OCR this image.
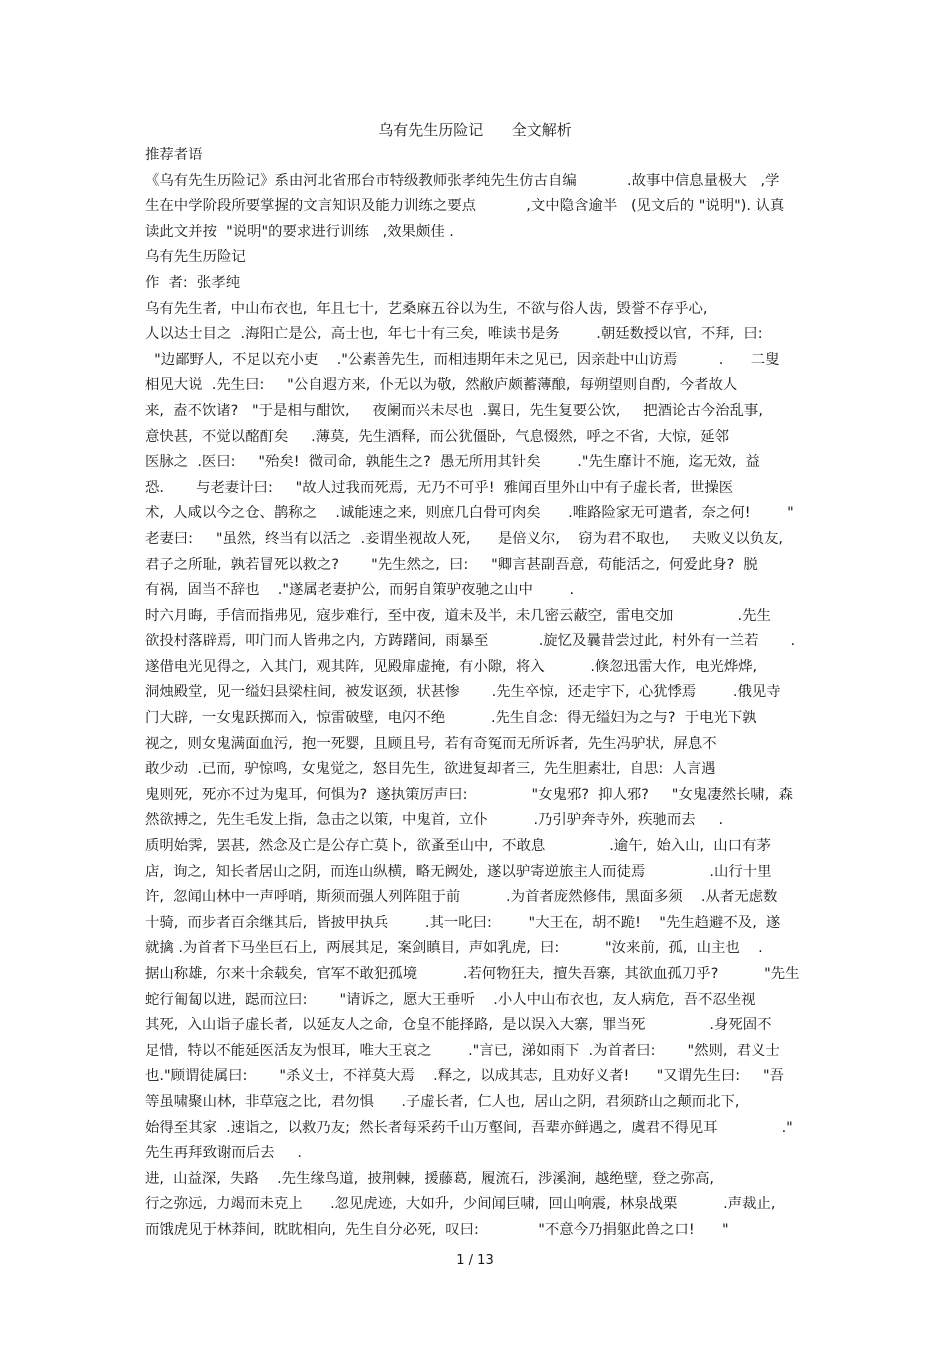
乌有先生历险记      全文解析
推荐者语
《乌有先生历险记》系由河北省邢台市特级教师张孝纯先生仿古自编           .故事中信息量极大   ,学
生在中学阶段所要掌握的文言知识及能力训练之要点           ,文中隐含逾半   (见文后的 "说明"). 认真
读此文并按  "说明"的要求进行训练   ,效果颇佳 .
乌有先生历险记
作  者:  张孝纯
乌有先生者,  中山布衣也,  年且七十,  艺桑麻五谷以为生,  不欲与俗人齿,  毁誉不存乎心,
人以达士目之  .海阳亡是公,  高士也,  年七十有三矣,  唯读书是务        .朝廷数授以官,  不拜,  曰:
"边鄙野人,  不足以充小吏    ."公素善先生,  而相违期年未之见已,  因亲赴中山访焉         .      二叟
相见大说  .先生曰:     "公自遐方来,  仆无以为敬,  然敝庐颇蓄薄酿,  每朔望则自酌,  今者故人
来,  盍不饮诸?   "于是相与酣饮,     夜阑而兴未尽也  .翼日,  先生复要公饮,     把酒论古今治乱事,
意快甚,  不觉以酩酊矣     .薄莫,  先生酒释,  而公犹僵卧,  气息惙然,  呼之不省,  大惊,  延邻
医脉之  .医曰:     "殆矣!  微司命,  孰能生之?  愚无所用其针矣        ."先生靡计不施,  迄无效,  益
恐.       与老妻计曰:     "故人过我而死焉,  无乃不可乎!  雅闻百里外山中有子虚长者,  世操医
术,  人咸以今之仓、鹊称之    .诚能速之来,  则庶几白骨可肉矣      .唯路险家无可遣者,  奈之何!        "
老妻曰:     "虽然,  终当有以活之  .妾谓坐视故人死,      是倍义尔,    窃为君不取也,     夫败义以负友,
君子之所耻,  孰若冒死以救之?       "先生然之,  曰:     "卿言甚副吾意,  苟能活之,  何爱此身?  脱
有祸,  固当不辞也    ."遂属老妻护公,  而躬自策驴夜驰之山中        .
时六月晦,  手信而指弗见,  寇步难行,  至中夜,  道未及半,  未几密云蔽空,  雷电交加              .先生
欲投村落辟焉,  叩门而人皆弗之内,  方踌躇间,  雨暴至           .旋忆及曩昔尝过此,  村外有一兰若       .
遂借电光见得之,  入其门,  观其阵,  见殿扉虚掩,  有小隙,  将入          .倏忽迅雷大作,  电光烨烨,
洞烛殿堂,  见一缢妇县梁柱间,  被发讴颈,  状甚惨       .先生卒惊,  还走宇下,  心犹悸焉        .俄见寺
门大辟,  一女鬼跃掷而入,  惊雷破壁,  电闪不绝          .先生自念:  得无缢妇为之与?  于电光下孰
视之,  则女鬼满面血污,  抱一死婴,  且顾且号,  若有奇冤而无所诉者,  先生冯驴状,  屏息不
敢少动  .已而,  驴惊鸣,  女鬼觉之,  怒目先生,  欲进复却者三,  先生胆素壮,  自思:  人言遇
鬼则死,  死亦不过为鬼耳,  何惧为?  遂执策厉声曰:              "女鬼邪?  抑人邪?     "女鬼凄然长啸,  森
然欲搏之,  先生毛发上指,  急击之以策,  中鬼首,  立仆          .乃引驴奔寺外,  疾驰而去     .
质明始霁,  罢甚,  然念及亡是公存亡莫卜,  欲蚤至山中,  不敢息              .逾午,  始入山,  山口有茅
店,  询之,  知长者居山之阴,  而连山纵横,  略无阙处,  遂以驴寄逆旅主人而徒焉              .山行十里
许,  忽闻山林中一声呼哨,  斯须而强人列阵阻于前          .为首者庞然修伟,  黑面多须    .从者无虑数
十骑,  而步者百余继其后,  皆披甲执兵        .其一叱曰:        "大王在,  胡不跪!    "先生趋避不及,  遂
就擒 .为首者下马坐巨石上,  两展其足,  案剑瞋目,  声如乳虎,  曰:          "汝来前,  孤,  山主也    .
据山称雄,  尔来十余载矣,  官军不敢犯孤境          .若何物狂夫,  擅失吾寨,  其欲血孤刀乎?          "先生
蛇行匍匐以进,  跽而泣曰:       "请诉之,  愿大王垂听    .小人中山布衣也,  友人病危,  吾不忍坐视
其死,  入山诣子虚长者,  以延友人之命,  仓皇不能择路,  是以误入大寨,  罪当死              .身死固不
足惜,  特以不能延医活友为恨耳,  唯大王哀之        ."言已,  涕如雨下  .为首者曰:       "然则,  君义士
也."顾谓徒属曰:       "杀义士,  不祥莫大焉    .释之,  以成其志,  且劝好义者!      "又谓先生曰:     "吾
等虽啸聚山林,  非草寇之比,  君勿惧      .子虚长者,  仁人也,  居山之阴,  君须跻山之颠而北下,
始得至其家  .速诣之,  以救乃友;  然长者每采药千山万壑间,  吾辈亦鲜遇之,  虞君不得见耳              ."
先生再拜致谢而后去     .
进,  山益深,  失路    .先生缘鸟道,  披荆棘,  援藤葛,  履流石,  涉溪涧,  越绝壁,  登之弥高,
行之弥远,  力竭而未克上      .忽见虎迹,  大如升,  少间闻巨啸,  回山响震,  林泉战栗          .声裁止,
而饿虎见于林莽间,  眈眈相向,  先生自分必死,  叹曰:             "不意今乃捐躯此兽之口!      "
1 / 13
